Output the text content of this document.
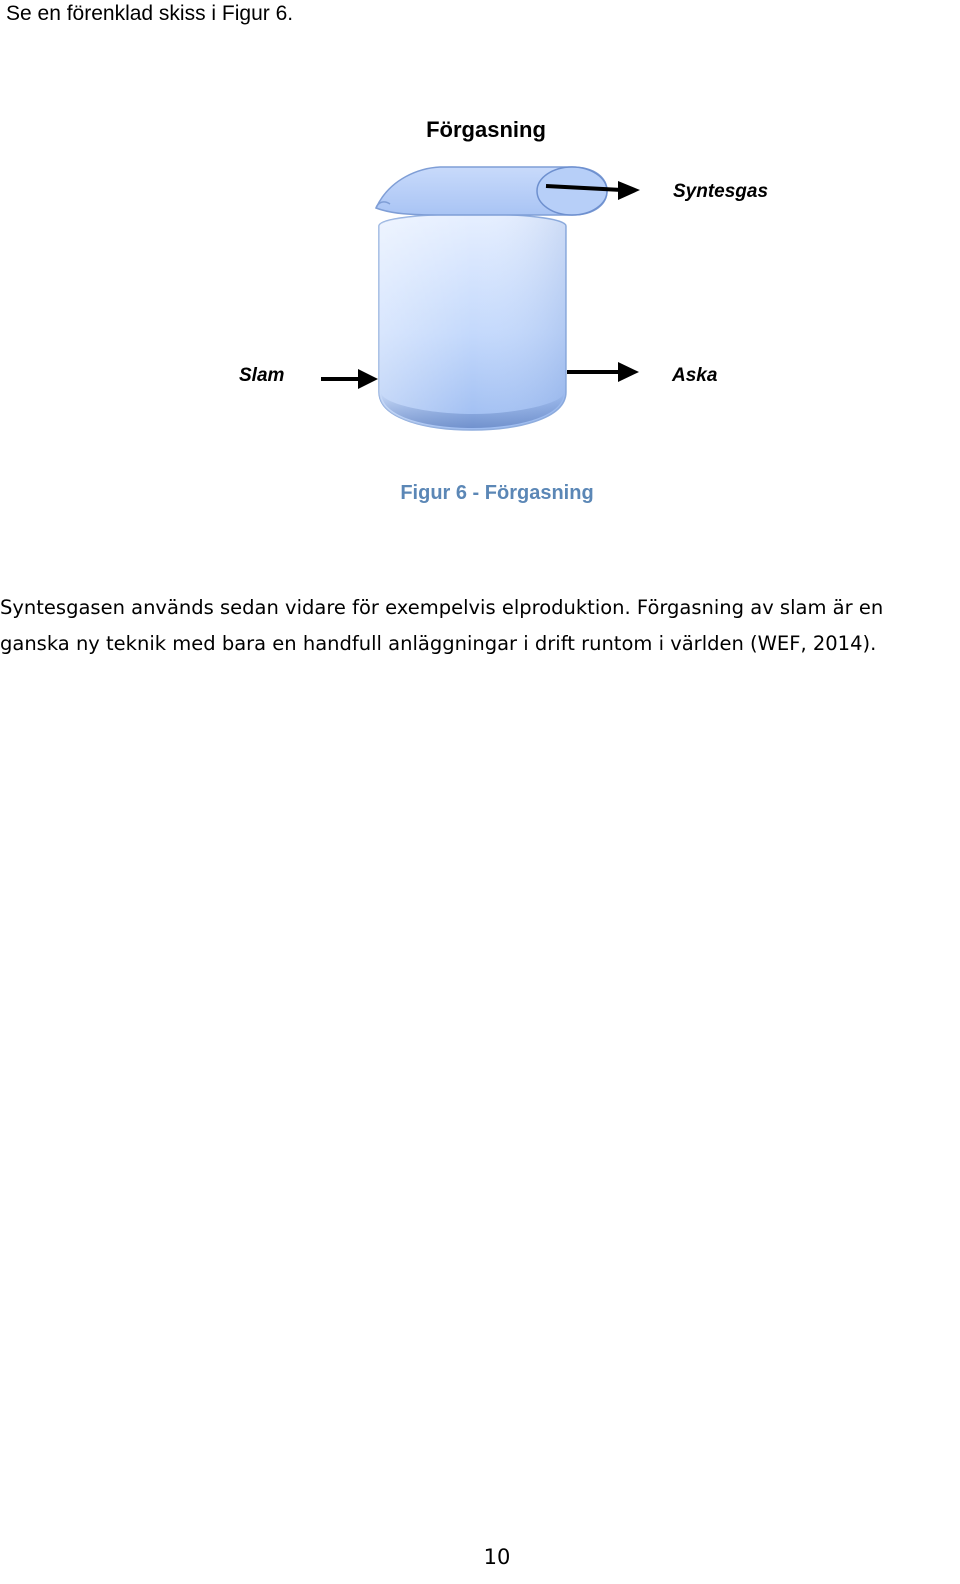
Se en förenklad skiss i Figur 6.
Förgasning
Syntesgas
Slam	Aska
Figur 6 - Förgasning
Syntesgasen används sedan vidare för exempelvis elproduktion. Förgasning av slam är en
ganska ny teknik med bara en handfull anläggningar i drift runtom i världen (WEF, 2014).
10
